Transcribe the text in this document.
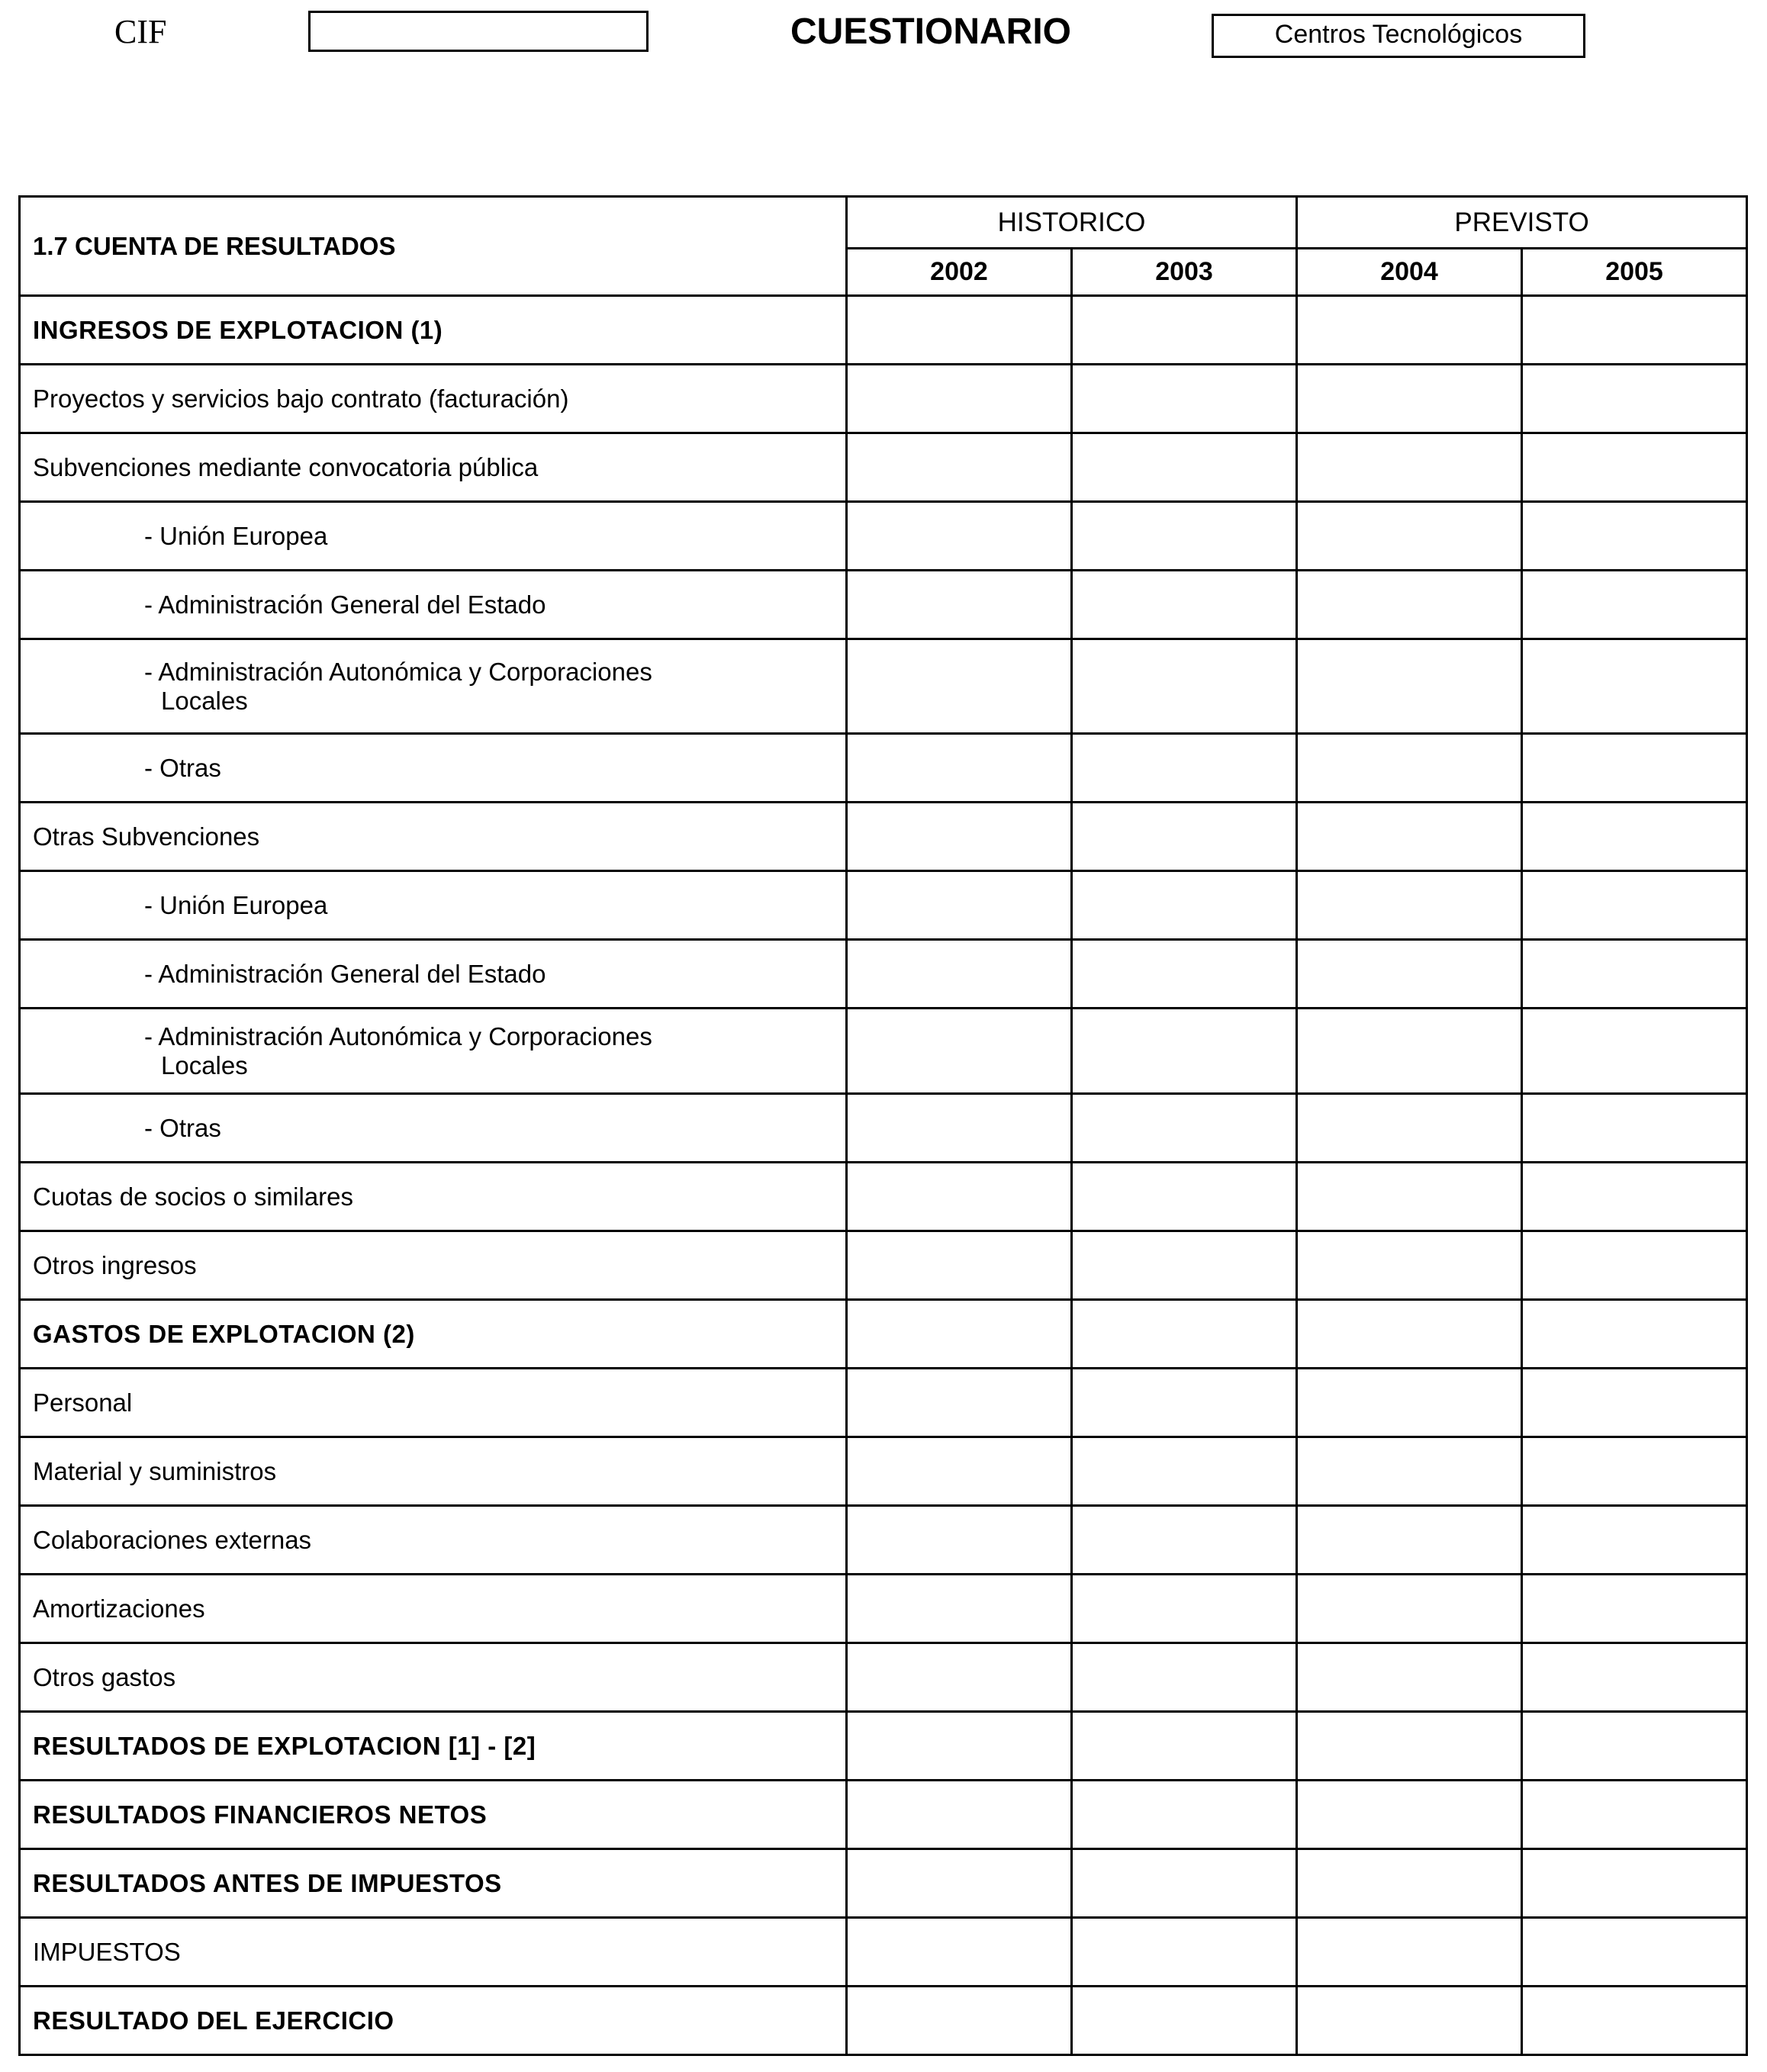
CIF	CUESTIONARIO	Centros Tecnológicos
1.7 CUENTA DE RESULTADOS	HISTORICO		PREVISTO	
	2002	2003	2004	2005
INGRESOS DE EXPLOTACION (1)				
Proyectos y servicios bajo contrato (facturación)				
Subvenciones mediante convocatoria pública				
- Unión Europea				
- Administración General del Estado				
- Administración Autonómica y Corporaciones
Locales				

- Otras				
Otras Subvenciones				
- Unión Europea				
- Administración General del Estado				
- Administración Autonómica y Corporaciones
Locales				

- Otras				
Cuotas de socios o similares				
Otros ingresos				
GASTOS DE EXPLOTACION (2)				
Personal				
Material y suministros				
Colaboraciones externas				
Amortizaciones				
Otros gastos				
RESULTADOS DE EXPLOTACION [1] - [2]				
RESULTADOS FINANCIEROS NETOS				
RESULTADOS ANTES DE IMPUESTOS				
IMPUESTOS				
RESULTADO DEL EJERCICIO				
